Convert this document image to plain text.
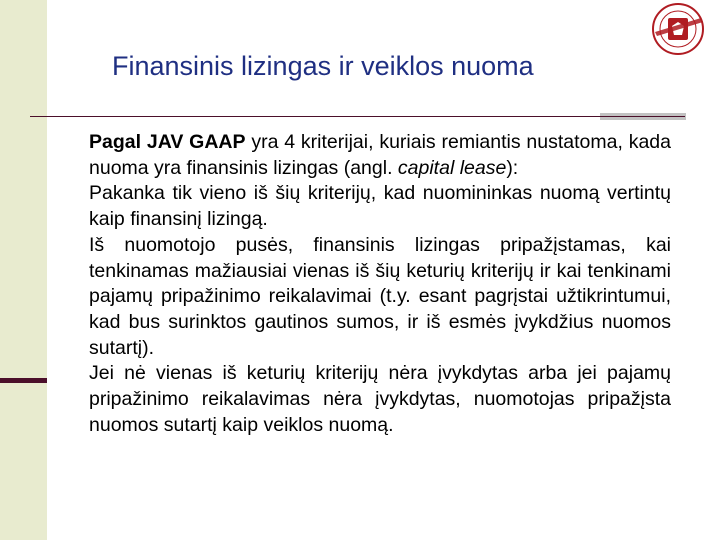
Finansinis lizingas ir veiklos nuoma

Pagal JAV GAAP yra 4 kriterijai, kuriais remiantis nustatoma, kada nuoma yra finansinis lizingas (angl. capital lease):

Pakanka tik vieno iš šių kriterijų, kad nuomininkas nuomą vertintų kaip finansinį lizingą.

Iš nuomotojo pusės, finansinis lizingas pripažįstamas, kai tenkinamas mažiausiai vienas iš šių keturių kriterijų ir kai tenkinami pajamų pripažinimo reikalavimai (t.y. esant pagrįstai užtikrintumui, kad bus surinktos gautinos sumos, ir iš esmės įvykdžius nuomos sutartį).

Jei nė vienas iš keturių kriterijų nėra įvykdytas arba jei pajamų pripažinimo reikalavimas nėra įvykdytas, nuomotojas pripažįsta nuomos sutartį kaip veiklos nuomą.
